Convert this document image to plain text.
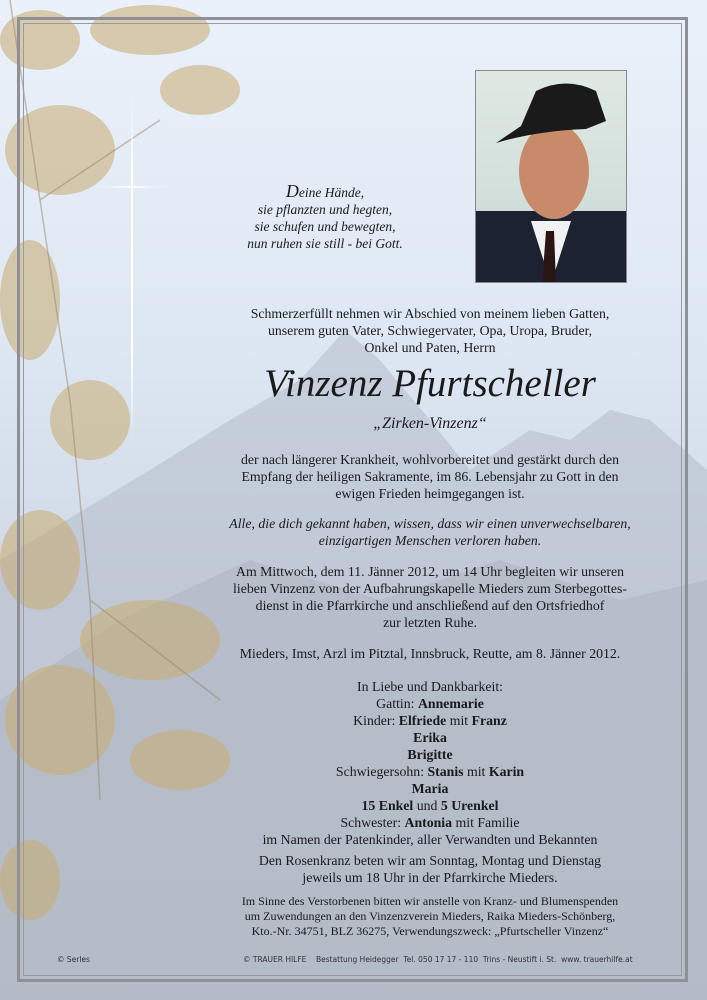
Deine Hände,

sie pflanzten und hegten,

sie schufen und bewegten,

nun ruhen sie still - bei Gott.

Schmerzerfüllt nehmen wir Abschied von meinem lieben Gatten,

unserem guten Vater, Schwiegervater, Opa, Uropa, Bruder,

Onkel und Paten, Herrn

Vinzenz Pfurtscheller
„Zirken-Vinzenz“

der nach längerer Krankheit, wohlvorbereitet und gestärkt durch den

Empfang der heiligen Sakramente, im 86. Lebensjahr zu Gott in den

ewigen Frieden heimgegangen ist.

Alle, die dich gekannt haben, wissen, dass wir einen unverwechselbaren,

einzigartigen Menschen verloren haben.

Am Mittwoch, dem 11. Jänner 2012, um 14 Uhr begleiten wir unseren

lieben Vinzenz von der Aufbahrungskapelle Mieders zum Sterbegottes-

dienst in die Pfarrkirche und anschließend auf den Ortsfriedhof

zur letzten Ruhe.

Mieders, Imst, Arzl im Pitztal, Innsbruck, Reutte, am 8. Jänner 2012.

In Liebe und Dankbarkeit:

Gattin: Annemarie

Kinder: Elfriede mit Franz

Erika

Brigitte

Schwiegersohn: Stanis mit Karin

Maria

15 Enkel und 5 Urenkel

Schwester: Antonia mit Familie

im Namen der Patenkinder, aller Verwandten und Bekannten

Den Rosenkranz beten wir am Sonntag, Montag und Dienstag

jeweils um 18 Uhr in der Pfarrkirche Mieders.

Im Sinne des Verstorbenen bitten wir anstelle von Kranz- und Blumenspenden

um Zuwendungen an den Vinzenzverein Mieders, Raika Mieders-Schönberg,

Kto.-Nr. 34751, BLZ 36275, Verwendungszweck: „Pfurtscheller Vinzenz“

© Serles	© TRAUER HILFE    Bestattung Heidegger  Tel. 050 17 17 - 110  Trins - Neustift i. St.  www. trauerhilfe.at
